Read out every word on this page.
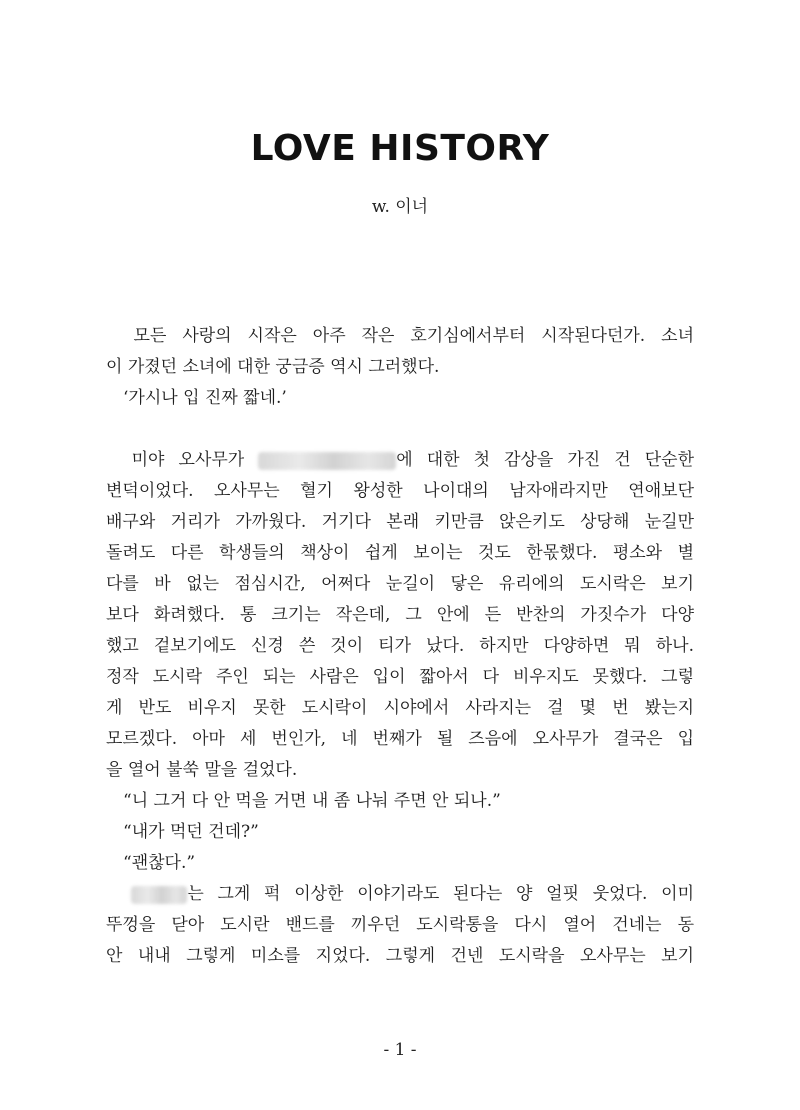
LOVE HISTORY
w. 이너
　모든 사랑의 시작은 아주 작은 호기심에서부터 시작된다던가. 소녀
이 가졌던 소녀에 대한 궁금증 역시 그러했다.
　‘가시나 입 진짜 짧네.’
　미야 오사무가	에 대한 첫 감상을 가진 건 단순한
변덕이었다. 오사무는 혈기 왕성한 나이대의 남자애라지만 연애보단
배구와 거리가 가까웠다. 거기다 본래 키만큼 앉은키도 상당해 눈길만
돌려도 다른 학생들의 책상이 쉽게 보이는 것도 한몫했다. 평소와 별
다를 바 없는 점심시간, 어쩌다 눈길이 닿은 유리에의 도시락은 보기
보다 화려했다. 통 크기는 작은데, 그 안에 든 반찬의 가짓수가 다양
했고 겉보기에도 신경 쓴 것이 티가 났다. 하지만 다양하면 뭐 하나.
정작 도시락 주인 되는 사람은 입이 짧아서 다 비우지도 못했다. 그렇
게 반도 비우지 못한 도시락이 시야에서 사라지는 걸 몇 번 봤는지
모르겠다. 아마 세 번인가, 네 번째가 될 즈음에 오사무가 결국은 입
을 열어 불쑥 말을 걸었다.
　“니 그거 다 안 먹을 거면 내 좀 나눠 주면 안 되나.”
　“내가 먹던 건데?”
　“괜찮다.”
　는 그게 퍽 이상한 이야기라도 된다는 양 얼핏 웃었다. 이미
뚜껑을 닫아 도시란 밴드를 끼우던 도시락통을 다시 열어 건네는 동
안 내내 그렇게 미소를 지었다. 그렇게 건넨 도시락을 오사무는 보기
- 1 -
